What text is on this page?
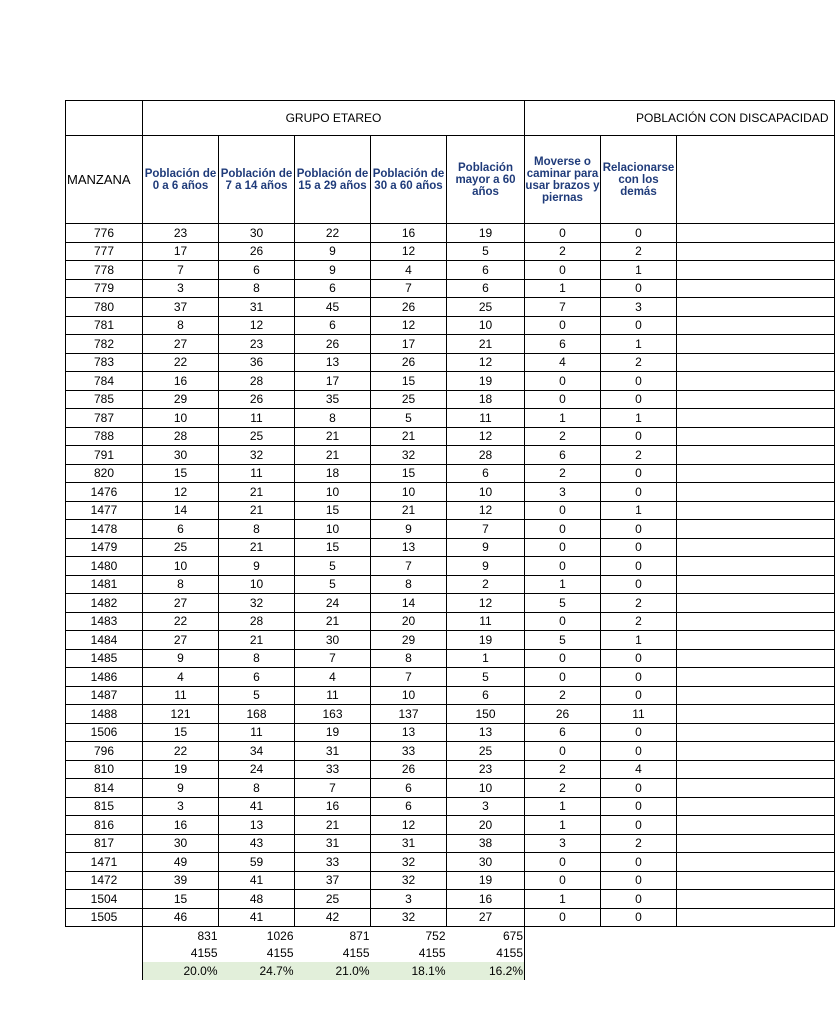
	GRUPO ETAREO					POBLACIÓN CON DISCAPACIDAD		
MANZANA	Población de 0 a 6 años	Población de 7 a 14 años	Población de 15 a 29 años	Población de 30 a 60 años	Población mayor a 60 años	Moverse o caminar para usar brazos y piernas	Relacionarse con los demás	
776	23	30	22	16	19	0	0	
777	17	26	9	12	5	2	2	
778	7	6	9	4	6	0	1	
779	3	8	6	7	6	1	0	
780	37	31	45	26	25	7	3	
781	8	12	6	12	10	0	0	
782	27	23	26	17	21	6	1	
783	22	36	13	26	12	4	2	
784	16	28	17	15	19	0	0	
785	29	26	35	25	18	0	0	
787	10	11	8	5	11	1	1	
788	28	25	21	21	12	2	0	
791	30	32	21	32	28	6	2	
820	15	11	18	15	6	2	0	
1476	12	21	10	10	10	3	0	
1477	14	21	15	21	12	0	1	
1478	6	8	10	9	7	0	0	
1479	25	21	15	13	9	0	0	
1480	10	9	5	7	9	0	0	
1481	8	10	5	8	2	1	0	
1482	27	32	24	14	12	5	2	
1483	22	28	21	20	11	0	2	
1484	27	21	30	29	19	5	1	
1485	9	8	7	8	1	0	0	
1486	4	6	4	7	5	0	0	
1487	11	5	11	10	6	2	0	
1488	121	168	163	137	150	26	11	
1506	15	11	19	13	13	6	0	
796	22	34	31	33	25	0	0	
810	19	24	33	26	23	2	4	
814	9	8	7	6	10	2	0	
815	3	41	16	6	3	1	0	
816	16	13	21	12	20	1	0	
817	30	43	31	31	38	3	2	
1471	49	59	33	32	30	0	0	
1472	39	41	37	32	19	0	0	
1504	15	48	25	3	16	1	0	
1505	46	41	42	32	27	0	0	
	831	1026	871	752	675			
	4155	4155	4155	4155	4155			
	20.0%	24.7%	21.0%	18.1%	16.2%			
